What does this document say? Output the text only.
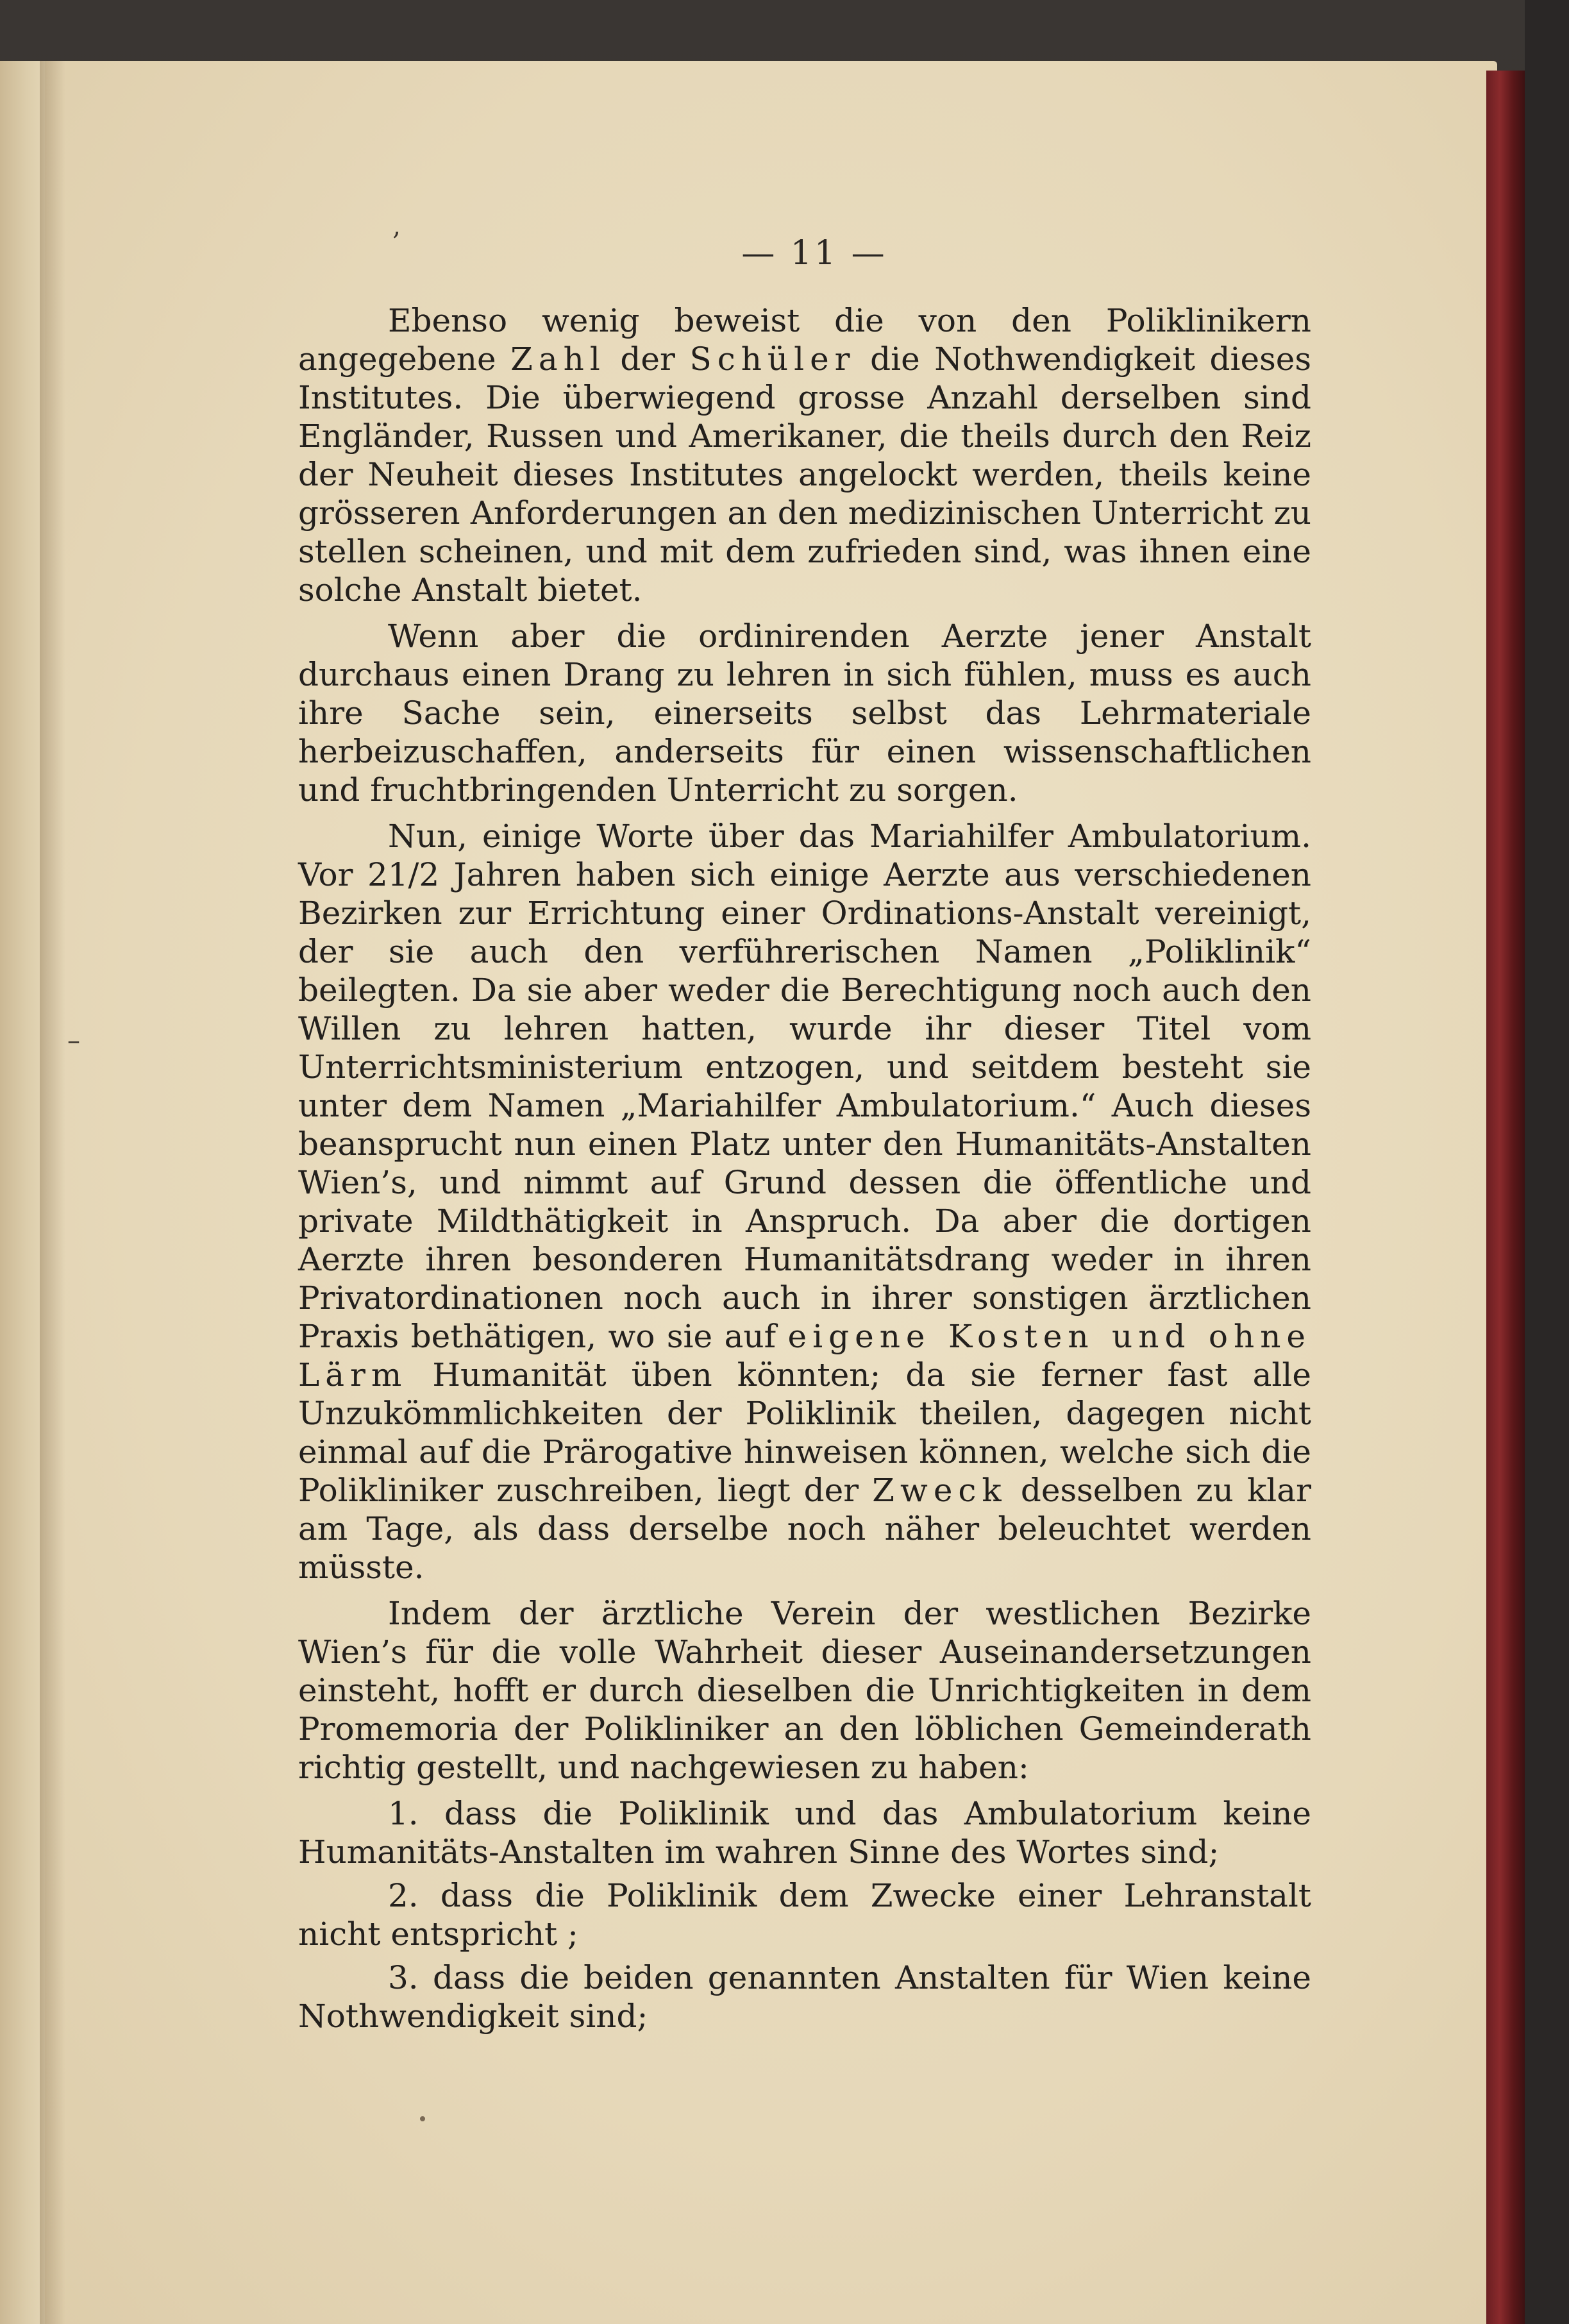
‚
–
— 11 —

Ebenso wenig beweist die von den Poliklinikern angegebene Zahl der Schüler die Nothwendigkeit dieses Institutes. Die überwiegend grosse Anzahl derselben sind Engländer, Russen und Amerikaner, die theils durch den Reiz der Neuheit dieses Institutes angelockt werden, theils keine grösseren Anforderungen an den medizinischen Unterricht zu stellen scheinen, und mit dem zufrieden sind, was ihnen eine solche Anstalt bietet.

Wenn aber die ordinirenden Aerzte jener Anstalt durchaus einen Drang zu lehren in sich fühlen, muss es auch ihre Sache sein, einerseits selbst das Lehrmateriale herbeizuschaffen, anderseits für einen wissenschaftlichen und fruchtbringenden Unterricht zu sorgen.

Nun, einige Worte über das Mariahilfer Ambulatorium. Vor 21/2 Jahren haben sich einige Aerzte aus verschiedenen Bezirken zur Errichtung einer Ordinations-Anstalt vereinigt, der sie auch den verführerischen Namen „Poliklinik“ beilegten. Da sie aber weder die Berechtigung noch auch den Willen zu lehren hatten, wurde ihr dieser Titel vom Unterrichtsministerium entzogen, und seitdem besteht sie unter dem Namen „Mariahilfer Ambulatorium.“ Auch dieses beansprucht nun einen Platz unter den Humanitäts-Anstalten Wien’s, und nimmt auf Grund dessen die öffentliche und private Mildthätigkeit in Anspruch. Da aber die dortigen Aerzte ihren besonderen Humanitätsdrang weder in ihren Privatordinationen noch auch in ihrer sonstigen ärztlichen Praxis bethätigen, wo sie auf eigene Kosten und ohne Lärm Humanität üben könnten; da sie ferner fast alle Unzukömmlichkeiten der Poliklinik theilen, dagegen nicht einmal auf die Prärogative hinweisen können, welche sich die Polikliniker zuschreiben, liegt der Zweck desselben zu klar am Tage, als dass derselbe noch näher beleuchtet werden müsste.

Indem der ärztliche Verein der westlichen Bezirke Wien’s für die volle Wahrheit dieser Auseinandersetzungen einsteht, hofft er durch dieselben die Unrichtigkeiten in dem Promemoria der Polikliniker an den löblichen Gemeinderath richtig gestellt, und nachgewiesen zu haben:

1. dass die Poliklinik und das Ambulatorium keine Humanitäts-Anstalten im wahren Sinne des Wortes sind;

2. dass die Poliklinik dem Zwecke einer Lehranstalt nicht entspricht ;

3. dass die beiden genannten Anstalten für Wien keine Nothwendigkeit sind;
